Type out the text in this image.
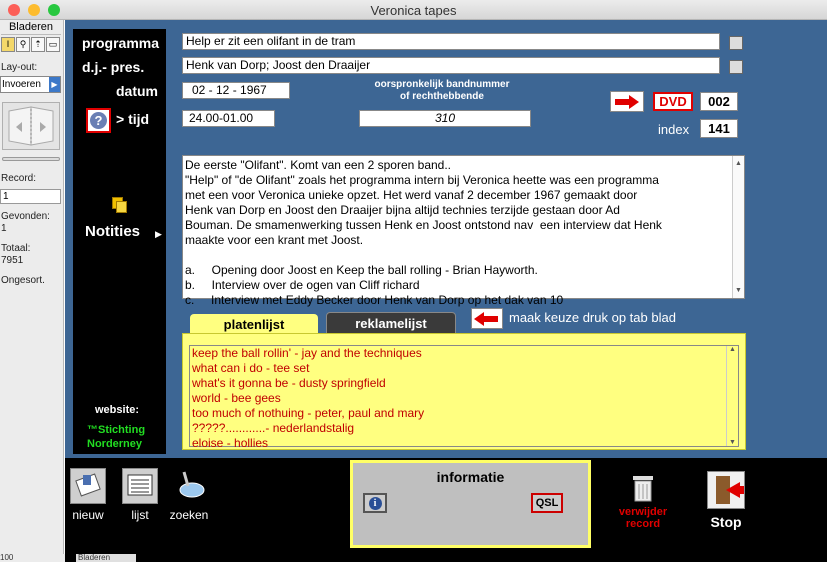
Veronica tapes
Bladeren
I	⚲ ⇡ ▭
Lay-out:
Invoeren	▶
Record:
1
Gevonden:
1
Totaal:
7951
Ongesort.
programma
d.j.- pres.
datum
? > tijd
Help er zit een olifant in de tram
Henk van Dorp; Joost den Draaijer
02 - 12 - 1967
24.00-01.00
oorspronkelijk bandnummer
of rechthebbende
310
DVD	002
index	141
Notities ▶
De eerste "Olifant". Komt van een 2 sporen band..
"Help" of "de Olifant" zoals het programma intern bij Veronica heette was een programma
met een voor Veronica unieke opzet. Het werd vanaf 2 december 1967 gemaakt door
Henk van Dorp en Joost den Draaijer bijna altijd technies terzijde gestaan door Ad
Bouman. De smamenwerking tussen Henk en Joost ontstond nav  een interview dat Henk
maakte voor een krant met Joost.
a.     Opening door Joost en Keep the ball rolling - Brian Hayworth.
b.     Interview over de ogen van Cliff richard
c.     Interview met Eddy Becker door Henk van Dorp op het dak van 10
▲
▼
platenlijst	reklamelijst	maak keuze druk op tab blad
keep the ball rollin' - jay and the techniques
what can i do - tee set
what's it gonna be - dusty springfield
world - bee gees
too much of nothuing - peter, paul and mary
?????............- nederlandstalig
eloise - hollies
▲
▼
website:
™Stichting
Norderney
nieuw	lijst	zoeken
informatie
i	QSL
verwijder
record	Stop
100	Bladeren
